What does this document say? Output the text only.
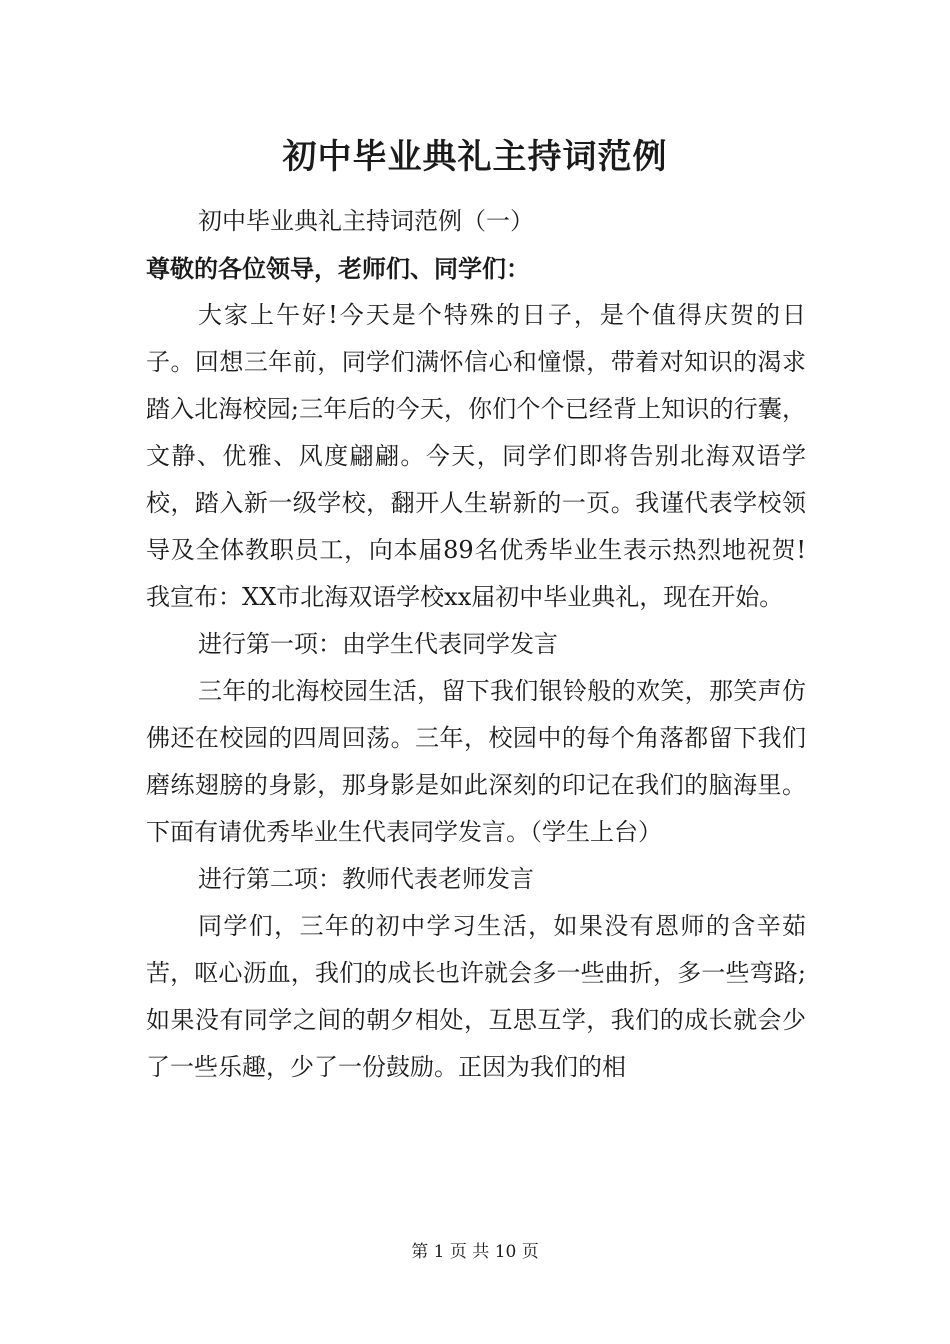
初中毕业典礼主持词范例

初中毕业典礼主持词范例（一）

尊敬的各位领导，老师们、同学们：

大家上午好!今天是个特殊的日子，是个值得庆贺的日子。回想三年前，同学们满怀信心和憧憬，带着对知识的渴求踏入北海校园;三年后的今天，你们个个已经背上知识的行囊，文静、优雅、风度翩翩。今天，同学们即将告别北海双语学校，踏入新一级学校，翻开人生崭新的一页。我谨代表学校领导及全体教职员工，向本届89名优秀毕业生表示热烈地祝贺!我宣布：XX市北海双语学校xx届初中毕业典礼，现在开始。

进行第一项：由学生代表同学发言

三年的北海校园生活，留下我们银铃般的欢笑，那笑声仿佛还在校园的四周回荡。三年，校园中的每个角落都留下我们磨练翅膀的身影，那身影是如此深刻的印记在我们的脑海里。下面有请优秀毕业生代表同学发言。（学生上台）

进行第二项：教师代表老师发言

同学们，三年的初中学习生活，如果没有恩师的含辛茹苦，呕心沥血，我们的成长也许就会多一些曲折，多一些弯路;如果没有同学之间的朝夕相处，互思互学，我们的成长就会少了一些乐趣，少了一份鼓励。正因为我们的相

第 1 页 共 10 页
